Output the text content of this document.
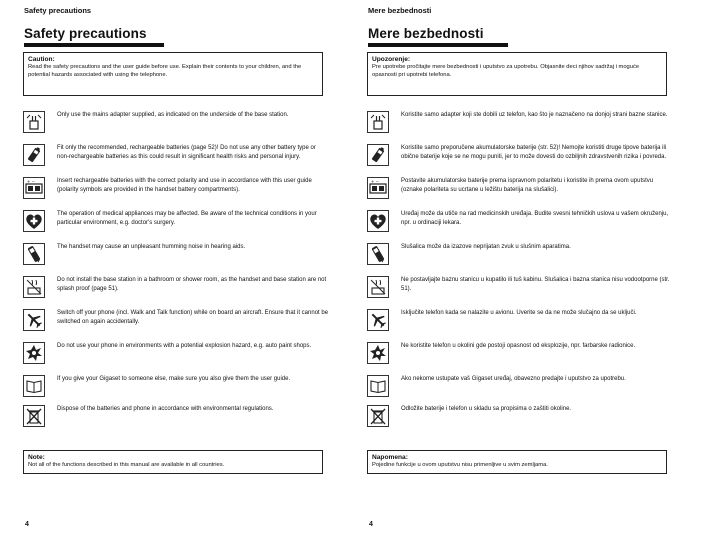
Safety precautions
Safety precautions
Caution:
Read the safety precautions and the user guide before use. Explain their contents to your children, and the potential hazards associated with using the telephone.
Only use the mains adapter supplied, as indicated on the underside of the base station.
Fit only the recommended, rechargeable batteries (page 52)! Do not use any other battery type or non-rechargeable batteries as this could result in significant health risks and personal injury.
+ −	Insert rechargeable batteries with the correct polarity and use in accordance with this user guide (polarity symbols are provided in the handset battery compartments).
The operation of medical appliances may be affected. Be aware of the technical conditions in your particular environment, e.g. doctor's surgery.
The handset may cause an unpleasant humming noise in hearing aids.
Do not install the base station in a bathroom or shower room, as the handset and base station are not splash proof (page 51).
Switch off your phone (incl. Walk and Talk function) while on board an aircraft. Ensure that it cannot be switched on again accidentally.
Do not use your phone in environments with a potential explosion hazard, e.g. auto paint shops.
If you give your Gigaset to someone else, make sure you also give them the user guide.
Dispose of the batteries and phone in accordance with environmental regulations.
Note:
Not all of the functions described in this manual are available in all countries.
4
Mere bezbednosti
Mere bezbednosti
Upozorenje:
Pre upotrebe pročitajte mere bezbednosti i uputstvo za upotrebu. Objasnite deci njihov sadržaj i moguće opasnosti pri upotrebi telefona.
Koristite samo adapter koji ste dobili uz telefon, kao što je naznačeno na donjoj strani bazne stanice.
Koristite samo preporučene akumulatorske baterije (str. 52)! Nemojte koristiti druge tipove baterija ili obične baterije koje se ne mogu puniti, jer to može dovesti do ozbiljnih zdravstvenih rizika i povreda.
+ −	Postavite akumulatorske baterije prema ispravnom polaritetu i koristite ih prema ovom uputstvu (oznake polariteta su ucrtane u ležištu baterija na slušalici).
Uređaj može da utiče na rad medicinskih uređaja. Budite svesni tehničkih uslova u vašem okruženju, npr. u ordinaciji lekara.
Slušalica može da izazove neprijatan zvuk u slušnim aparatima.
Ne postavljajte baznu stanicu u kupatilo ili tuš kabinu. Slušalica i bazna stanica nisu vodootporne (str. 51).
Isključite telefon kada se nalazite u avionu. Uverite se da ne može slučajno da se uključi.
Ne koristite telefon u okolini gde postoji opasnost od eksplozije, npr. farbarske radionice.
Ako nekome ustupate vaš Gigaset uređaj, obavezno predajte i uputstvo za upotrebu.
Odložite baterije i telefon u skladu sa propisima o zaštiti okoline.
Napomena:
Pojedine funkcije u ovom uputstvu nisu primenljive u svim zemljama.
4
